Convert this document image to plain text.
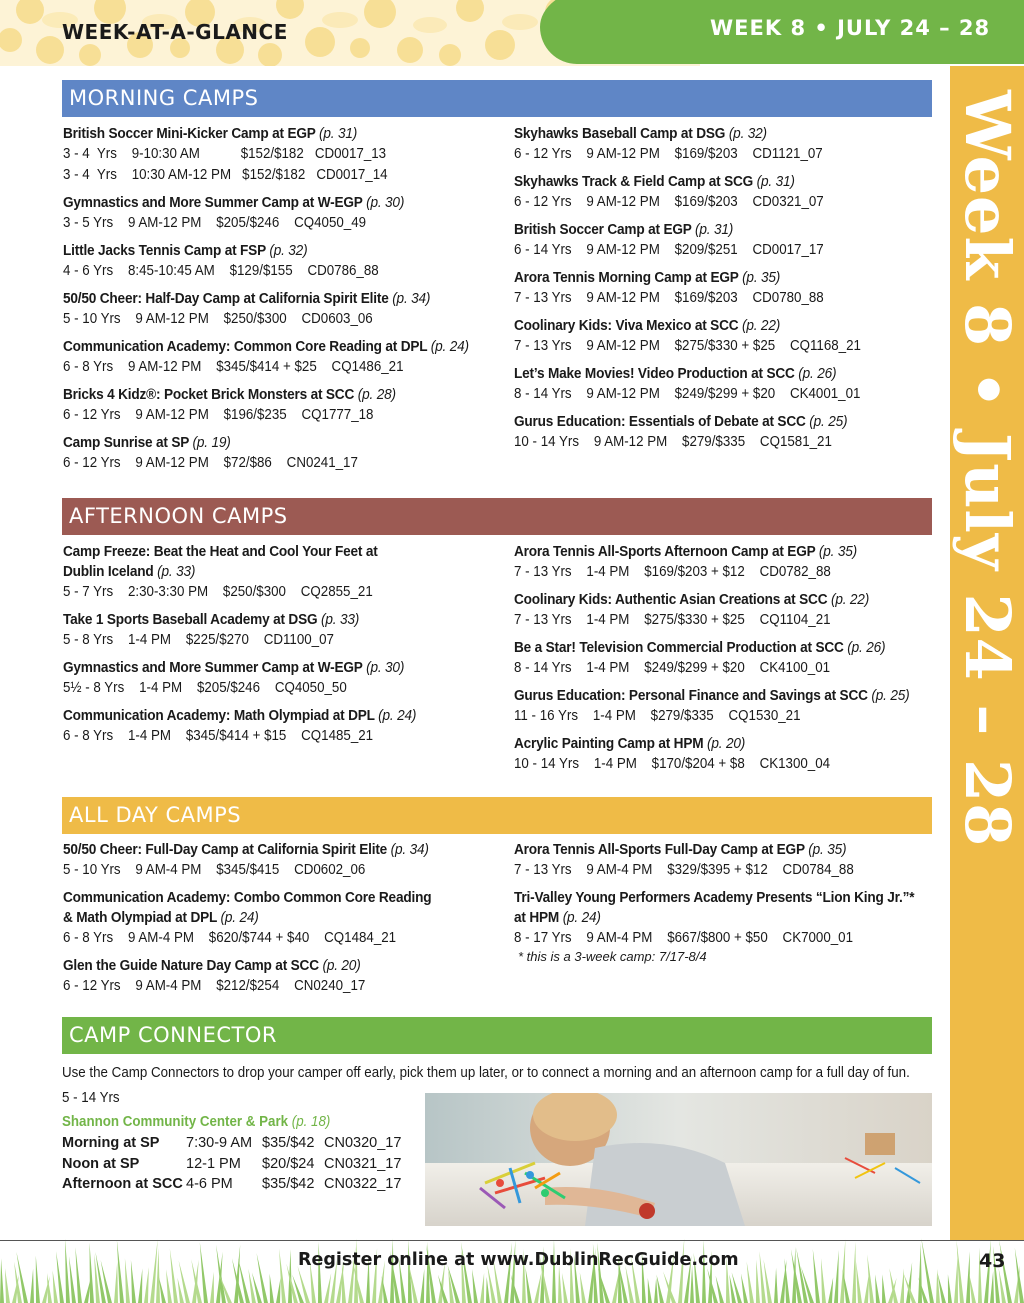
WEEK-AT-A-GLANCE	WEEK 8 • JULY 24 – 28
Week 8 • July 24 – 28
MORNING CAMPS
British Soccer Mini-Kicker Camp at EGP (p. 31)
3 - 4  Yrs    9-10:30 AM           $152/$182   CD0017_13
3 - 4  Yrs    10:30 AM-12 PM   $152/$182   CD0017_14
Gymnastics and More Summer Camp at W-EGP (p. 30)
3 - 5 Yrs    9 AM-12 PM    $205/$246    CQ4050_49
Little Jacks Tennis Camp at FSP (p. 32)
4 - 6 Yrs    8:45-10:45 AM    $129/$155    CD0786_88
50/50 Cheer: Half-Day Camp at California Spirit Elite (p. 34)
5 - 10 Yrs    9 AM-12 PM    $250/$300    CD0603_06
Communication Academy: Common Core Reading at DPL (p. 24)
6 - 8 Yrs    9 AM-12 PM    $345/$414 + $25    CQ1486_21
Bricks 4 Kidz®: Pocket Brick Monsters at SCC (p. 28)
6 - 12 Yrs    9 AM-12 PM    $196/$235    CQ1777_18
Camp Sunrise at SP (p. 19)
6 - 12 Yrs    9 AM-12 PM    $72/$86    CN0241_17
Skyhawks Baseball Camp at DSG (p. 32)
6 - 12 Yrs    9 AM-12 PM    $169/$203    CD1121_07
Skyhawks Track & Field Camp at SCG (p. 31)
6 - 12 Yrs    9 AM-12 PM    $169/$203    CD0321_07
British Soccer Camp at EGP (p. 31)
6 - 14 Yrs    9 AM-12 PM    $209/$251    CD0017_17
Arora Tennis Morning Camp at EGP (p. 35)
7 - 13 Yrs    9 AM-12 PM    $169/$203    CD0780_88
Coolinary Kids: Viva Mexico at SCC (p. 22)
7 - 13 Yrs    9 AM-12 PM    $275/$330 + $25    CQ1168_21
Let’s Make Movies! Video Production at SCC (p. 26)
8 - 14 Yrs    9 AM-12 PM    $249/$299 + $20    CK4001_01
Gurus Education: Essentials of Debate at SCC (p. 25)
10 - 14 Yrs    9 AM-12 PM    $279/$335    CQ1581_21
AFTERNOON CAMPS
Camp Freeze: Beat the Heat and Cool Your Feet at
Dublin Iceland (p. 33)
5 - 7 Yrs    2:30-3:30 PM    $250/$300    CQ2855_21
Take 1 Sports Baseball Academy at DSG (p. 33)
5 - 8 Yrs    1-4 PM    $225/$270    CD1100_07
Gymnastics and More Summer Camp at W-EGP (p. 30)
5½ - 8 Yrs    1-4 PM    $205/$246    CQ4050_50
Communication Academy: Math Olympiad at DPL (p. 24)
6 - 8 Yrs    1-4 PM    $345/$414 + $15    CQ1485_21
Arora Tennis All-Sports Afternoon Camp at EGP (p. 35)
7 - 13 Yrs    1-4 PM    $169/$203 + $12    CD0782_88
Coolinary Kids: Authentic Asian Creations at SCC (p. 22)
7 - 13 Yrs    1-4 PM    $275/$330 + $25    CQ1104_21
Be a Star! Television Commercial Production at SCC (p. 26)
8 - 14 Yrs    1-4 PM    $249/$299 + $20    CK4100_01
Gurus Education: Personal Finance and Savings at SCC (p. 25)
11 - 16 Yrs    1-4 PM    $279/$335    CQ1530_21
Acrylic Painting Camp at HPM (p. 20)
10 - 14 Yrs    1-4 PM    $170/$204 + $8    CK1300_04
ALL DAY CAMPS
50/50 Cheer: Full-Day Camp at California Spirit Elite (p. 34)
5 - 10 Yrs    9 AM-4 PM    $345/$415    CD0602_06
Communication Academy: Combo Common Core Reading
& Math Olympiad at DPL (p. 24)
6 - 8 Yrs    9 AM-4 PM    $620/$744 + $40    CQ1484_21
Glen the Guide Nature Day Camp at SCC (p. 20)
6 - 12 Yrs    9 AM-4 PM    $212/$254    CN0240_17
Arora Tennis All-Sports Full-Day Camp at EGP (p. 35)
7 - 13 Yrs    9 AM-4 PM    $329/$395 + $12    CD0784_88
Tri-Valley Young Performers Academy Presents “Lion King Jr.”*
at HPM (p. 24)
8 - 17 Yrs    9 AM-4 PM    $667/$800 + $50    CK7000_01
* this is a 3-week camp: 7/17-8/4
CAMP CONNECTOR
Use the Camp Connectors to drop your camper off early, pick them up later, or to connect a morning and an afternoon camp for a full day of fun.
5 - 14 Yrs
Shannon Community Center & Park (p. 18)
Morning at SP	7:30-9 AM $35/$42 CN0320_17
Noon at SP	12-1 PM	$20/$24 CN0321_17
Afternoon at SCC 4-6 PM	$35/$42 CN0322_17
Register online at www.DublinRecGuide.com	43
